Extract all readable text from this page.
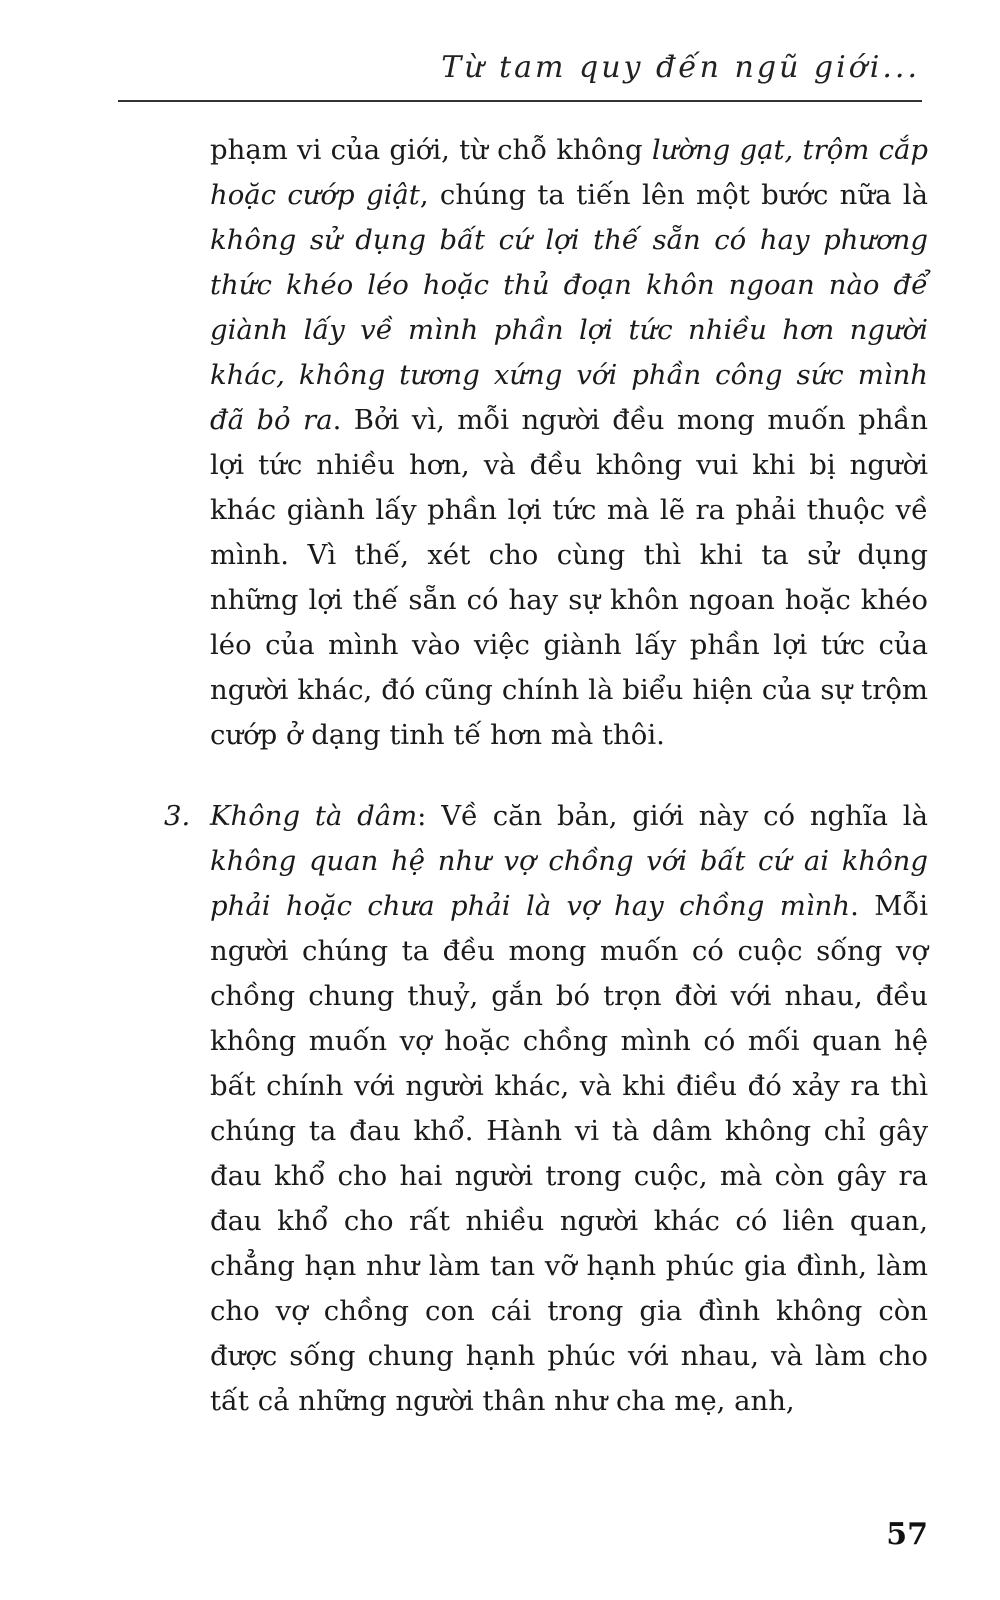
Từ tam quy đến ngũ giới...

phạm vi của giới, từ chỗ không lường gạt, trộm cắp hoặc cướp giật, chúng ta tiến lên một bước nữa là không sử dụng bất cứ lợi thế sẵn có hay phương thức khéo léo hoặc thủ đoạn khôn ngoan nào để giành lấy về mình phần lợi tức nhiều hơn người khác, không tương xứng với phần công sức mình đã bỏ ra. Bởi vì, mỗi người đều mong muốn phần lợi tức nhiều hơn, và đều không vui khi bị người khác giành lấy phần lợi tức mà lẽ ra phải thuộc về mình. Vì thế, xét cho cùng thì khi ta sử dụng những lợi thế sẵn có hay sự khôn ngoan hoặc khéo léo của mình vào việc giành lấy phần lợi tức của người khác, đó cũng chính là biểu hiện của sự trộm cướp ở dạng tinh tế hơn mà thôi.

3. Không tà dâm: Về căn bản, giới này có nghĩa là không quan hệ như vợ chồng với bất cứ ai không phải hoặc chưa phải là vợ hay chồng mình. Mỗi người chúng ta đều mong muốn có cuộc sống vợ chồng chung thuỷ, gắn bó trọn đời với nhau, đều không muốn vợ hoặc chồng mình có mối quan hệ bất chính với người khác, và khi điều đó xảy ra thì chúng ta đau khổ. Hành vi tà dâm không chỉ gây đau khổ cho hai người trong cuộc, mà còn gây ra đau khổ cho rất nhiều người khác có liên quan, chẳng hạn như làm tan vỡ hạnh phúc gia đình, làm cho vợ chồng con cái trong gia đình không còn được sống chung hạnh phúc với nhau, và làm cho tất cả những người thân như cha mẹ, anh,

57
